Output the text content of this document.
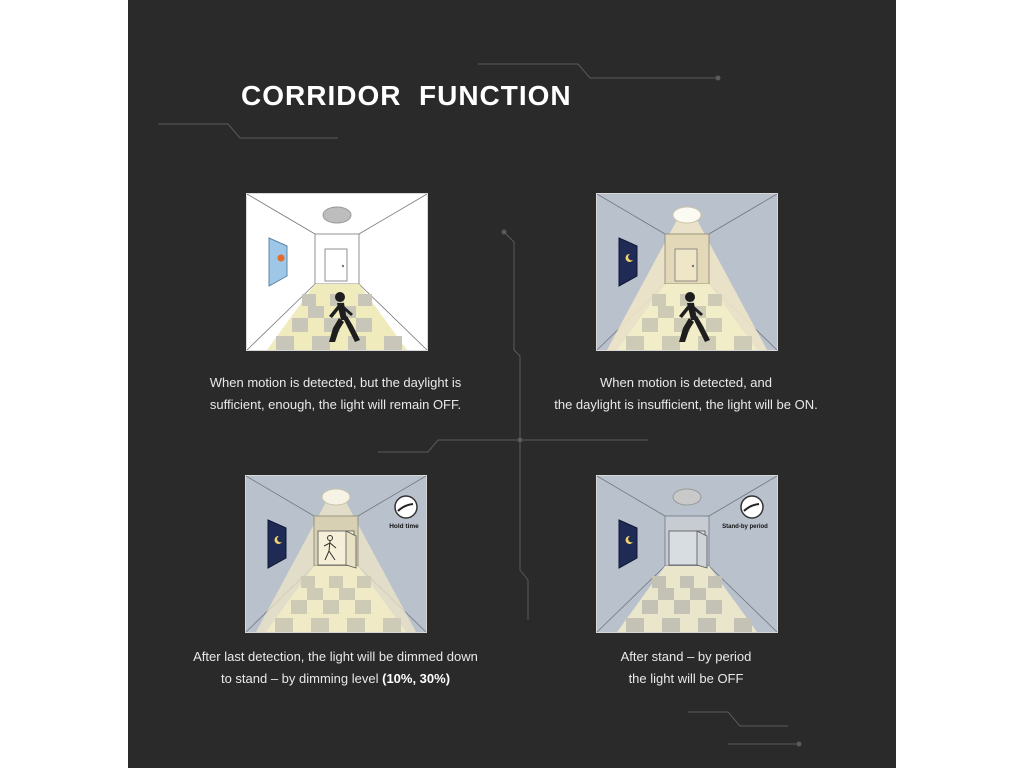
CORRIDOR  FUNCTION
When motion is detected, but the daylight is
sufficient, enough, the light will remain OFF.
When motion is detected, and
the daylight is insufficient, the light will be ON.
Hold time
After last detection, the light will be dimmed down
to stand – by dimming level (10%, 30%)
Stand-by period
After stand – by period
the light will be OFF
